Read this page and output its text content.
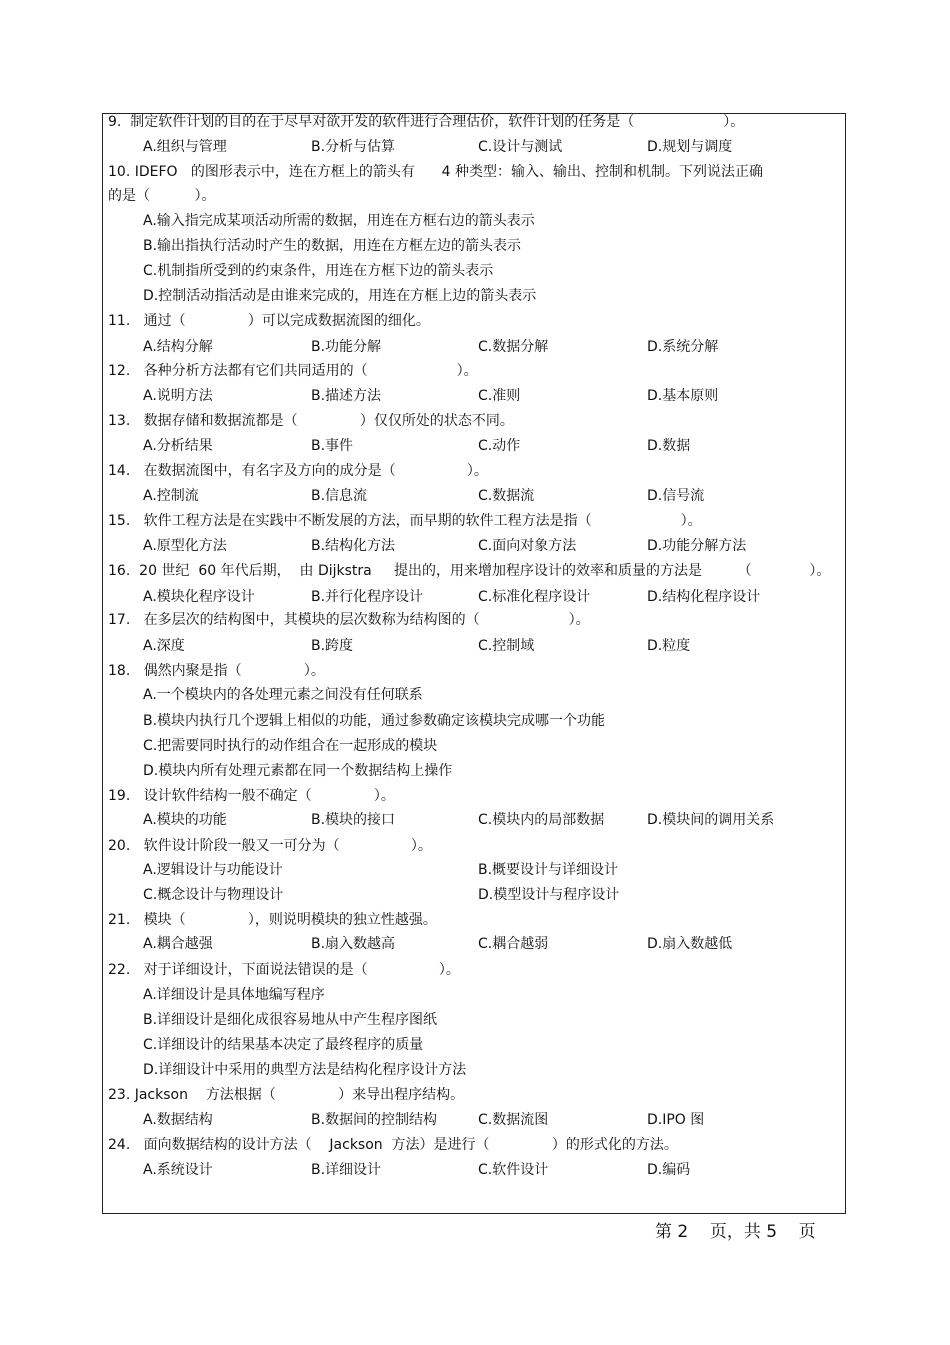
9.  制定软件计划的目的在于尽早对欲开发的软件进行合理估价，软件计划的任务是（                    ）。
A.组织与管理	B.分析与估算	C.设计与测试	D.规划与调度
10. IDEFO   的图形表示中，连在方框上的箭头有      4 种类型：输入、输出、控制和机制。下列说法正确
的是（          ）。
A.输入指完成某项活动所需的数据，用连在方框右边的箭头表示
B.输出指执行活动时产生的数据，用连在方框左边的箭头表示
C.机制指所受到的约束条件，用连在方框下边的箭头表示
D.控制活动指活动是由谁来完成的，用连在方框上边的箭头表示
11.   通过（              ）可以完成数据流图的细化。
A.结构分解	B.功能分解	C.数据分解	D.系统分解
12.   各种分析方法都有它们共同适用的（                    ）。
A.说明方法	B.描述方法	C.准则	D.基本原则
13.   数据存储和数据流都是（              ）仅仅所处的状态不同。
A.分析结果	B.事件	C.动作	D.数据
14.   在数据流图中，有名字及方向的成分是（                ）。
A.控制流	B.信息流	C.数据流	D.信号流
15.   软件工程方法是在实践中不断发展的方法，而早期的软件工程方法是指（                    ）。
A.原型化方法	B.结构化方法	C.面向对象方法	D.功能分解方法
16.  20 世纪  60 年代后期，  由 Dijkstra     提出的，用来增加程序设计的效率和质量的方法是        （             ）。
A.模块化程序设计	B.并行化程序设计	C.标准化程序设计	D.结构化程序设计
17.   在多层次的结构图中，其模块的层次数称为结构图的（                    ）。
A.深度	B.跨度	C.控制域	D.粒度
18.   偶然内聚是指（              ）。
A.一个模块内的各处理元素之间没有任何联系
B.模块内执行几个逻辑上相似的功能，通过参数确定该模块完成哪一个功能
C.把需要同时执行的动作组合在一起形成的模块
D.模块内所有处理元素都在同一个数据结构上操作
19.   设计软件结构一般不确定（              ）。
A.模块的功能	B.模块的接口	C.模块内的局部数据	D.模块间的调用关系
20.   软件设计阶段一般又一可分为（                ）。
A.逻辑设计与功能设计	B.概要设计与详细设计
C.概念设计与物理设计	D.模型设计与程序设计
21.   模块（              ），则说明模块的独立性越强。
A.耦合越强	B.扇入数越高	C.耦合越弱	D.扇入数越低
22.   对于详细设计，下面说法错误的是（                ）。
A.详细设计是具体地编写程序
B.详细设计是细化成很容易地从中产生程序图纸
C.详细设计的结果基本决定了最终程序的质量
D.详细设计中采用的典型方法是结构化程序设计方法
23. Jackson    方法根据（              ）来导出程序结构。
A.数据结构	B.数据间的控制结构	C.数据流图	D.IPO 图
24.   面向数据结构的设计方法（    Jackson  方法）是进行（              ）的形式化的方法。
A.系统设计	B.详细设计	C.软件设计	D.编码
第 2    页，共 5    页
